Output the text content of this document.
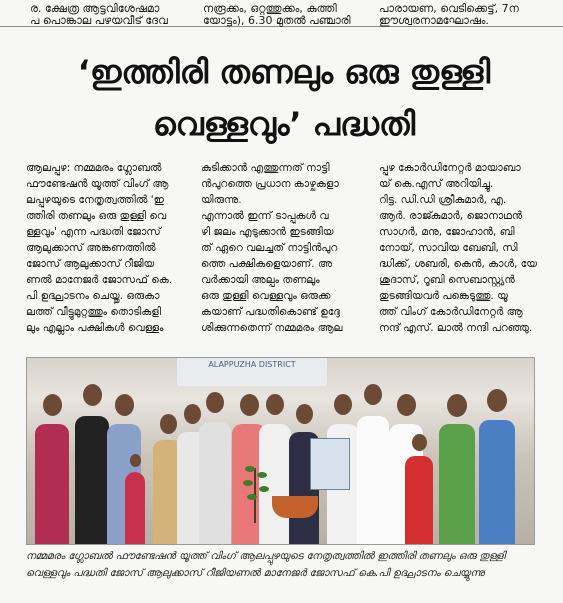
ര. ക്ഷേത്ര ആട്ടവിശേഷമാ
പ പൊങ്കാല പഴയവീട് ദേവ
നരൂക്കം, ഒറ്റത്തുക്കം, കുത്തി
യോട്ടം), 6.30 മുതൽ പഞ്ചാരി
പാരായണ, വെടിക്കെട്ട്, 7ന
ഈശ്വരനാമഘോഷം.
‘ഇത്തിരി തണലും ഒരു തുള്ളി
വെള്ളവും’ പദ്ധതി

ആലപ്പുഴ: നമ്മമരം ഗ്ലോബൽ

ഫൗണ്ടേഷൻ യൂത്ത് വിംഗ് ആ

ലപ്പുഴയുടെ നേതൃത്വത്തിൽ 'ഇ

ത്തിരി തണലും ഒരു തുള്ളി വെ

ള്ളവും' എന്ന പദ്ധതി ജോസ്

ആലുക്കാസ് അങ്കണത്തിൽ

ജോസ് ആലുക്കാസ് റീജിയ

ണൽ മാനേജർ ജോസഫ് കെ.

പി ഉദ്ഘാടനം ചെയ്തു. ഒരുകാ

ലത്ത് വീട്ടുമുറ്റത്തും തൊടികളി

ലും എല്ലാം പക്ഷികൾ വെള്ളം

കുടിക്കാൻ എത്തുന്നത് നാട്ടി

ൻപുറത്തെ പ്രധാന കാഴ്ചകളാ

യിരുന്നു.

എന്നാൽ ഇന്ന് ടാപ്പുകൾ വ

ഴി ജലം എടുക്കാൻ ഇടങ്ങിയ

ത് ഏറെ വലച്ചത് നാട്ടിൻപുറ

ത്തെ പക്ഷികളെയാണ്. അ

വർക്കായി അല്പം തണലും

ഒരു തുള്ളി വെള്ളവും ഒരുക്ക

കയാണ് പദ്ധതികൊണ്ട് ഉദ്ദേ

ശിക്കുന്നതെന്ന് നമ്മമരം ആല

പ്പുഴ കോർഡിനേറ്റർ മായാബാ

യ് കെ.എസ് അറിയിച്ചു.

റിട്ട. ഡി.ഡി ശ്രീകുമാർ, എ.

ആർ. രാജ്കുമാർ, ജൊനാഥൻ

സാഗർ, മനു, ജോഹാൻ, ബി

നോയ്, സാവിയ ബേബി, സി

ദ്ധിക്ക്, ശബരി, കെൻ, കാൾ, യേ

ശുദാസ്, റൂബി സെബാസ്റ്റ്യൻ

തുടങ്ങിയവർ പങ്കെടുത്തു. യൂ

ത്ത് വിംഗ് കോർഡിനേറ്റർ ആ

നന്ദ് എസ്. ലാൽ നന്ദി പറഞ്ഞു.

ALAPPUZHA DISTRICT
നമ്മമരം ഗ്ലോബൽ ഫൗണ്ടേഷൻ യൂത്ത് വിംഗ് ആലപ്പുഴയുടെ നേതൃത്വത്തിൽ ഇത്തിരി തണലും ഒരു തുള്ളി
വെള്ളവും പദ്ധതി ജോസ് ആലുക്കാസ് റീജിയണൽ മാനേജർ ജോസഫ് കെ.പി ഉദ്ഘാടനം ചെയ്യുന്നു
